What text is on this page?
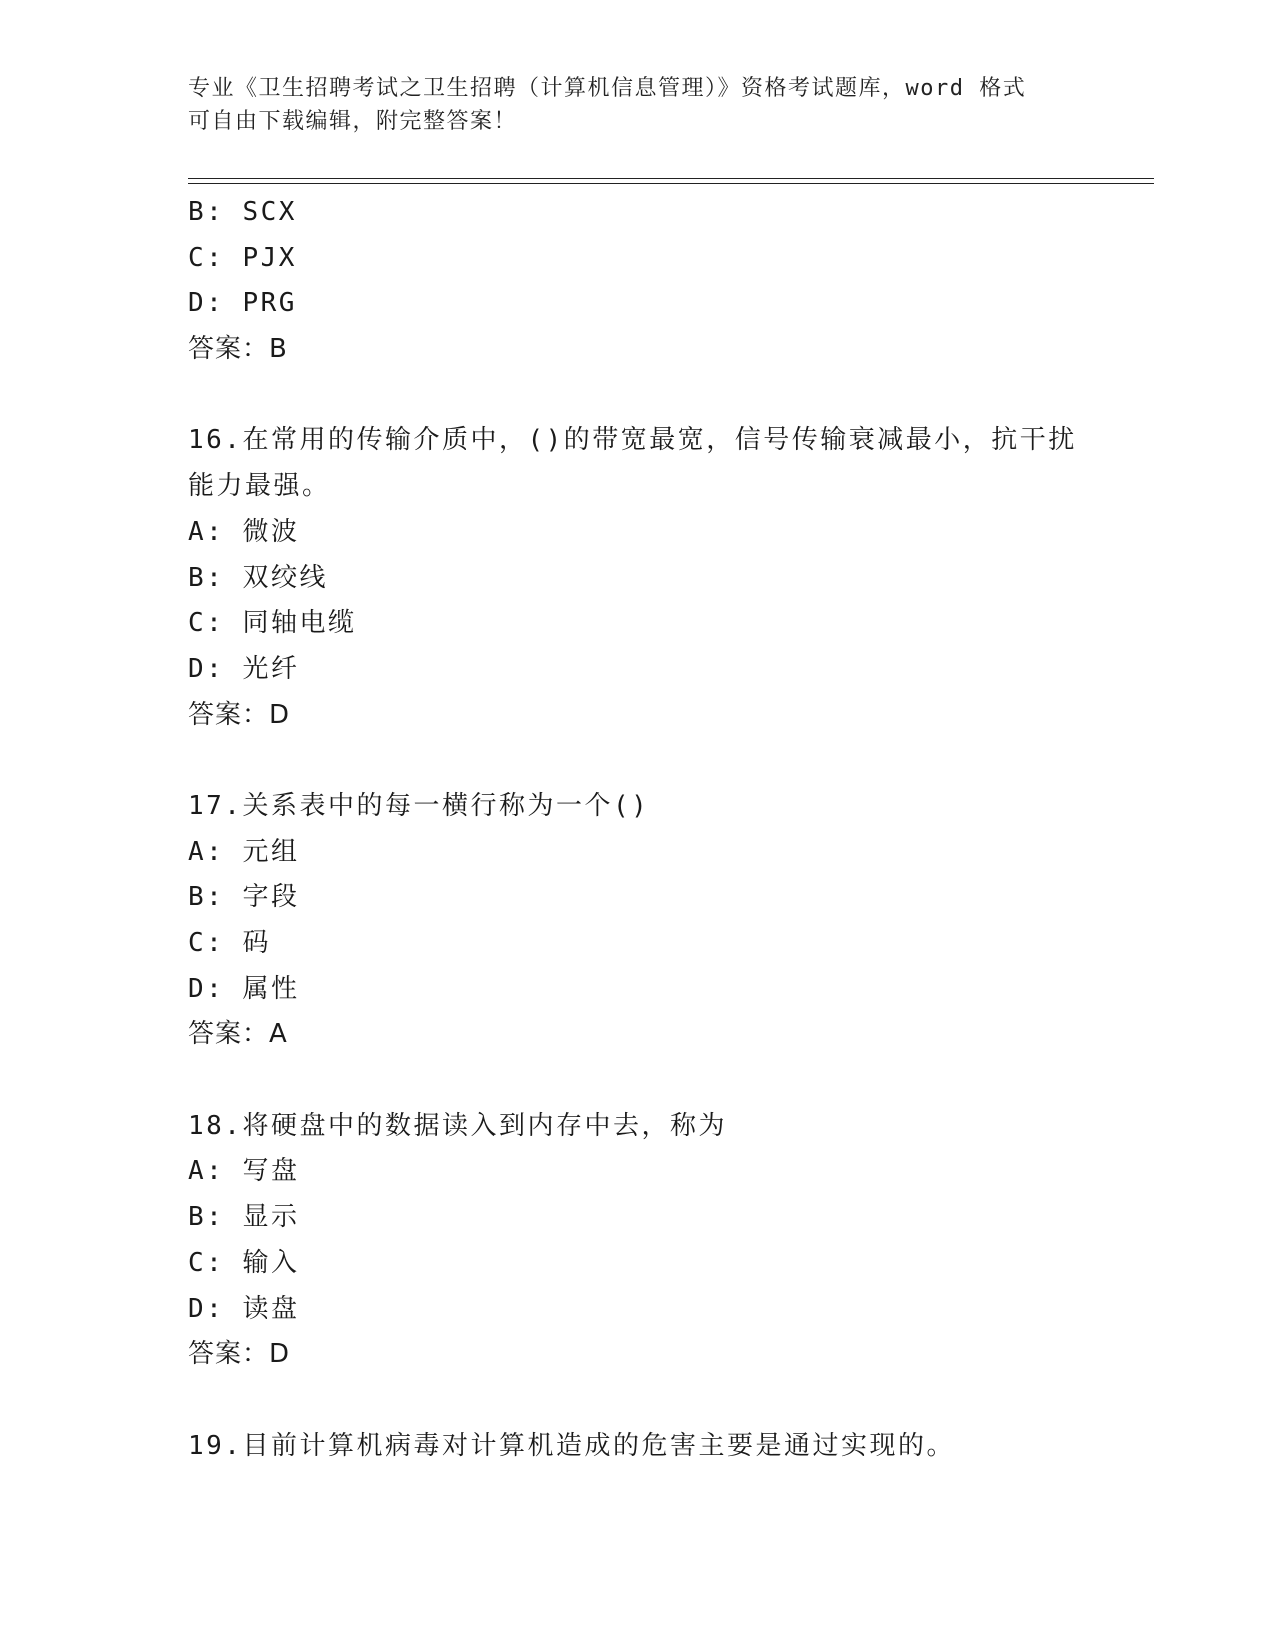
专业《卫生招聘考试之卫生招聘（计算机信息管理）》资格考试题库，word 格式
可自由下载编辑，附完整答案！
B: SCX
C: PJX
D: PRG
答案：B
16.在常用的传输介质中，()的带宽最宽，信号传输衰减最小，抗干扰
能力最强。
A: 微波
B: 双绞线
C: 同轴电缆
D: 光纤
答案：D
17.关系表中的每一横行称为一个()
A: 元组
B: 字段
C: 码
D: 属性
答案：A
18.将硬盘中的数据读入到内存中去，称为
A: 写盘
B: 显示
C: 输入
D: 读盘
答案：D
19.目前计算机病毒对计算机造成的危害主要是通过实现的。
